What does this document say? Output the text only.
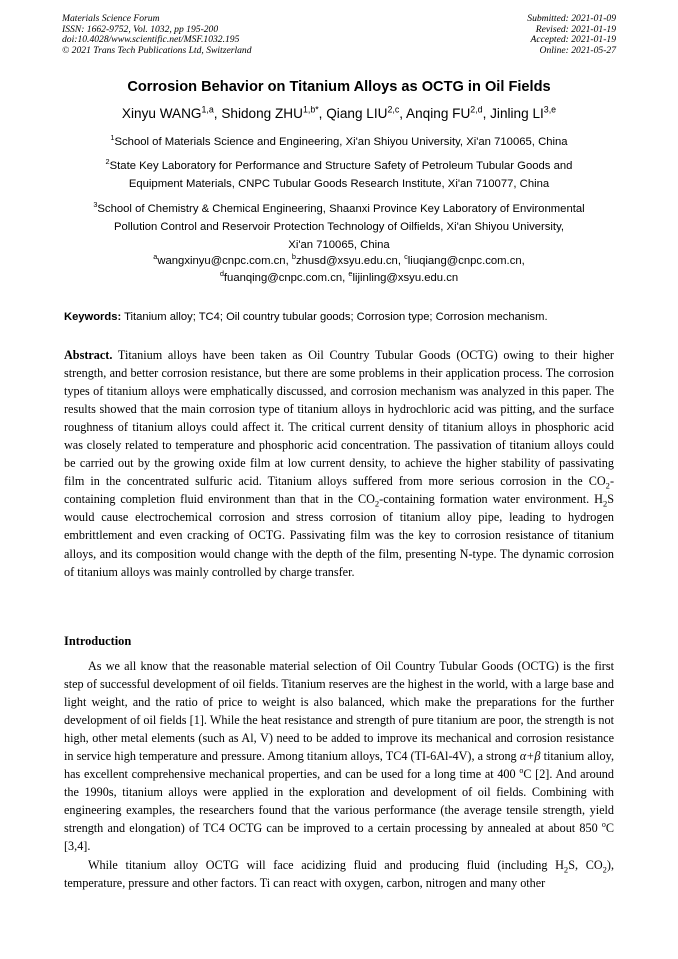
Materials Science Forum
ISSN: 1662-9752, Vol. 1032, pp 195-200
doi:10.4028/www.scientific.net/MSF.1032.195
© 2021 Trans Tech Publications Ltd, Switzerland
Submitted: 2021-01-09
Revised: 2021-01-19
Accepted: 2021-01-19
Online: 2021-05-27
Corrosion Behavior on Titanium Alloys as OCTG in Oil Fields
Xinyu WANG$^{1,a}$, Shidong $ZHU^{1,b*}$, Qiang LIU$^{2,c}$, Anqing FU$^{2,d}$, Jinling LI$^{3,e}$
$^1$School of Materials Science and Engineering, Xi'an Shiyou University, Xi'an 710065, China
$^2$State Key Laboratory for Performance and Structure Safety of Petroleum Tubular Goods and
Equipment Materials, CNPC Tubular Goods Research Institute, Xi'an 710077, China
$^3$School of Chemistry & Chemical Engineering, Shaanxi Province Key Laboratory of Environmental
Pollution Control and Reservoir Protection Technology of Oilfields, Xi'an Shiyou University,
Xi'an 710065, China
$^a$wangxinyu@cnpc.com.cn, $^b$zhusd@xsyu.edu.cn, $^c$liuqiang@cnpc.com.cn,
$^d$fuanqing@cnpc.com.cn, $^e$lijinling@xsyu.edu.cn
Keywords: Titanium alloy; TC4; Oil country tubular goods; Corrosion type; Corrosion mechanism.
Abstract. Titanium alloys have been taken as Oil Country Tubular Goods (OCTG) owing to their higher strength, and better corrosion resistance, but there are some problems in their application process. The corrosion types of titanium alloys were emphatically discussed, and corrosion mechanism was analyzed in this paper. The results showed that the main corrosion type of titanium alloys in hydrochloric acid was pitting, and the surface roughness of titanium alloys could affect it. The critical current density of titanium alloys in phosphoric acid was closely related to temperature and phosphoric acid concentration. The passivation of titanium alloys could be carried out by the growing oxide film at low current density, to achieve the higher stability of passivating film in the concentrated sulfuric acid. Titanium alloys suffered from more serious corrosion in the $CO_2$-containing completion fluid environment than that in the $CO_2$-containing formation water environment. $H_2S$ would cause electrochemical corrosion and stress corrosion of titanium alloy pipe, leading to hydrogen embrittlement and even cracking of OCTG. Passivating film was the key to corrosion resistance of titanium alloys, and its composition would change with the depth of the film, presenting N-type. The dynamic corrosion of titanium alloys was mainly controlled by charge transfer.
Introduction
As we all know that the reasonable material selection of Oil Country Tubular Goods (OCTG) is the first step of successful development of oil fields. Titanium reserves are the highest in the world, with a large base and light weight, and the ratio of price to weight is also balanced, which make the preparations for the further development of oil fields [1]. While the heat resistance and strength of pure titanium are poor, the strength is not high, other metal elements (such as Al, V) need to be added to improve its mechanical and corrosion resistance in service high temperature and pressure. Among titanium alloys, TC4 (TI-6Al-4V), a strong α+β titanium alloy, has excellent comprehensive mechanical properties, and can be used for a long time at 400 $^o$C [2]. And around the 1990s, titanium alloys were applied in the exploration and development of oil fields. Combining with engineering examples, the researchers found that the various performance (the average tensile strength, yield strength and elongation) of TC4 OCTG can be improved to a certain processing by annealed at about 850 $^o$C [3,4].
While titanium alloy OCTG will face acidizing fluid and producing fluid (including $H_2S$, $CO_2$), temperature, pressure and other factors. Ti can react with oxygen, carbon, nitrogen and many other
